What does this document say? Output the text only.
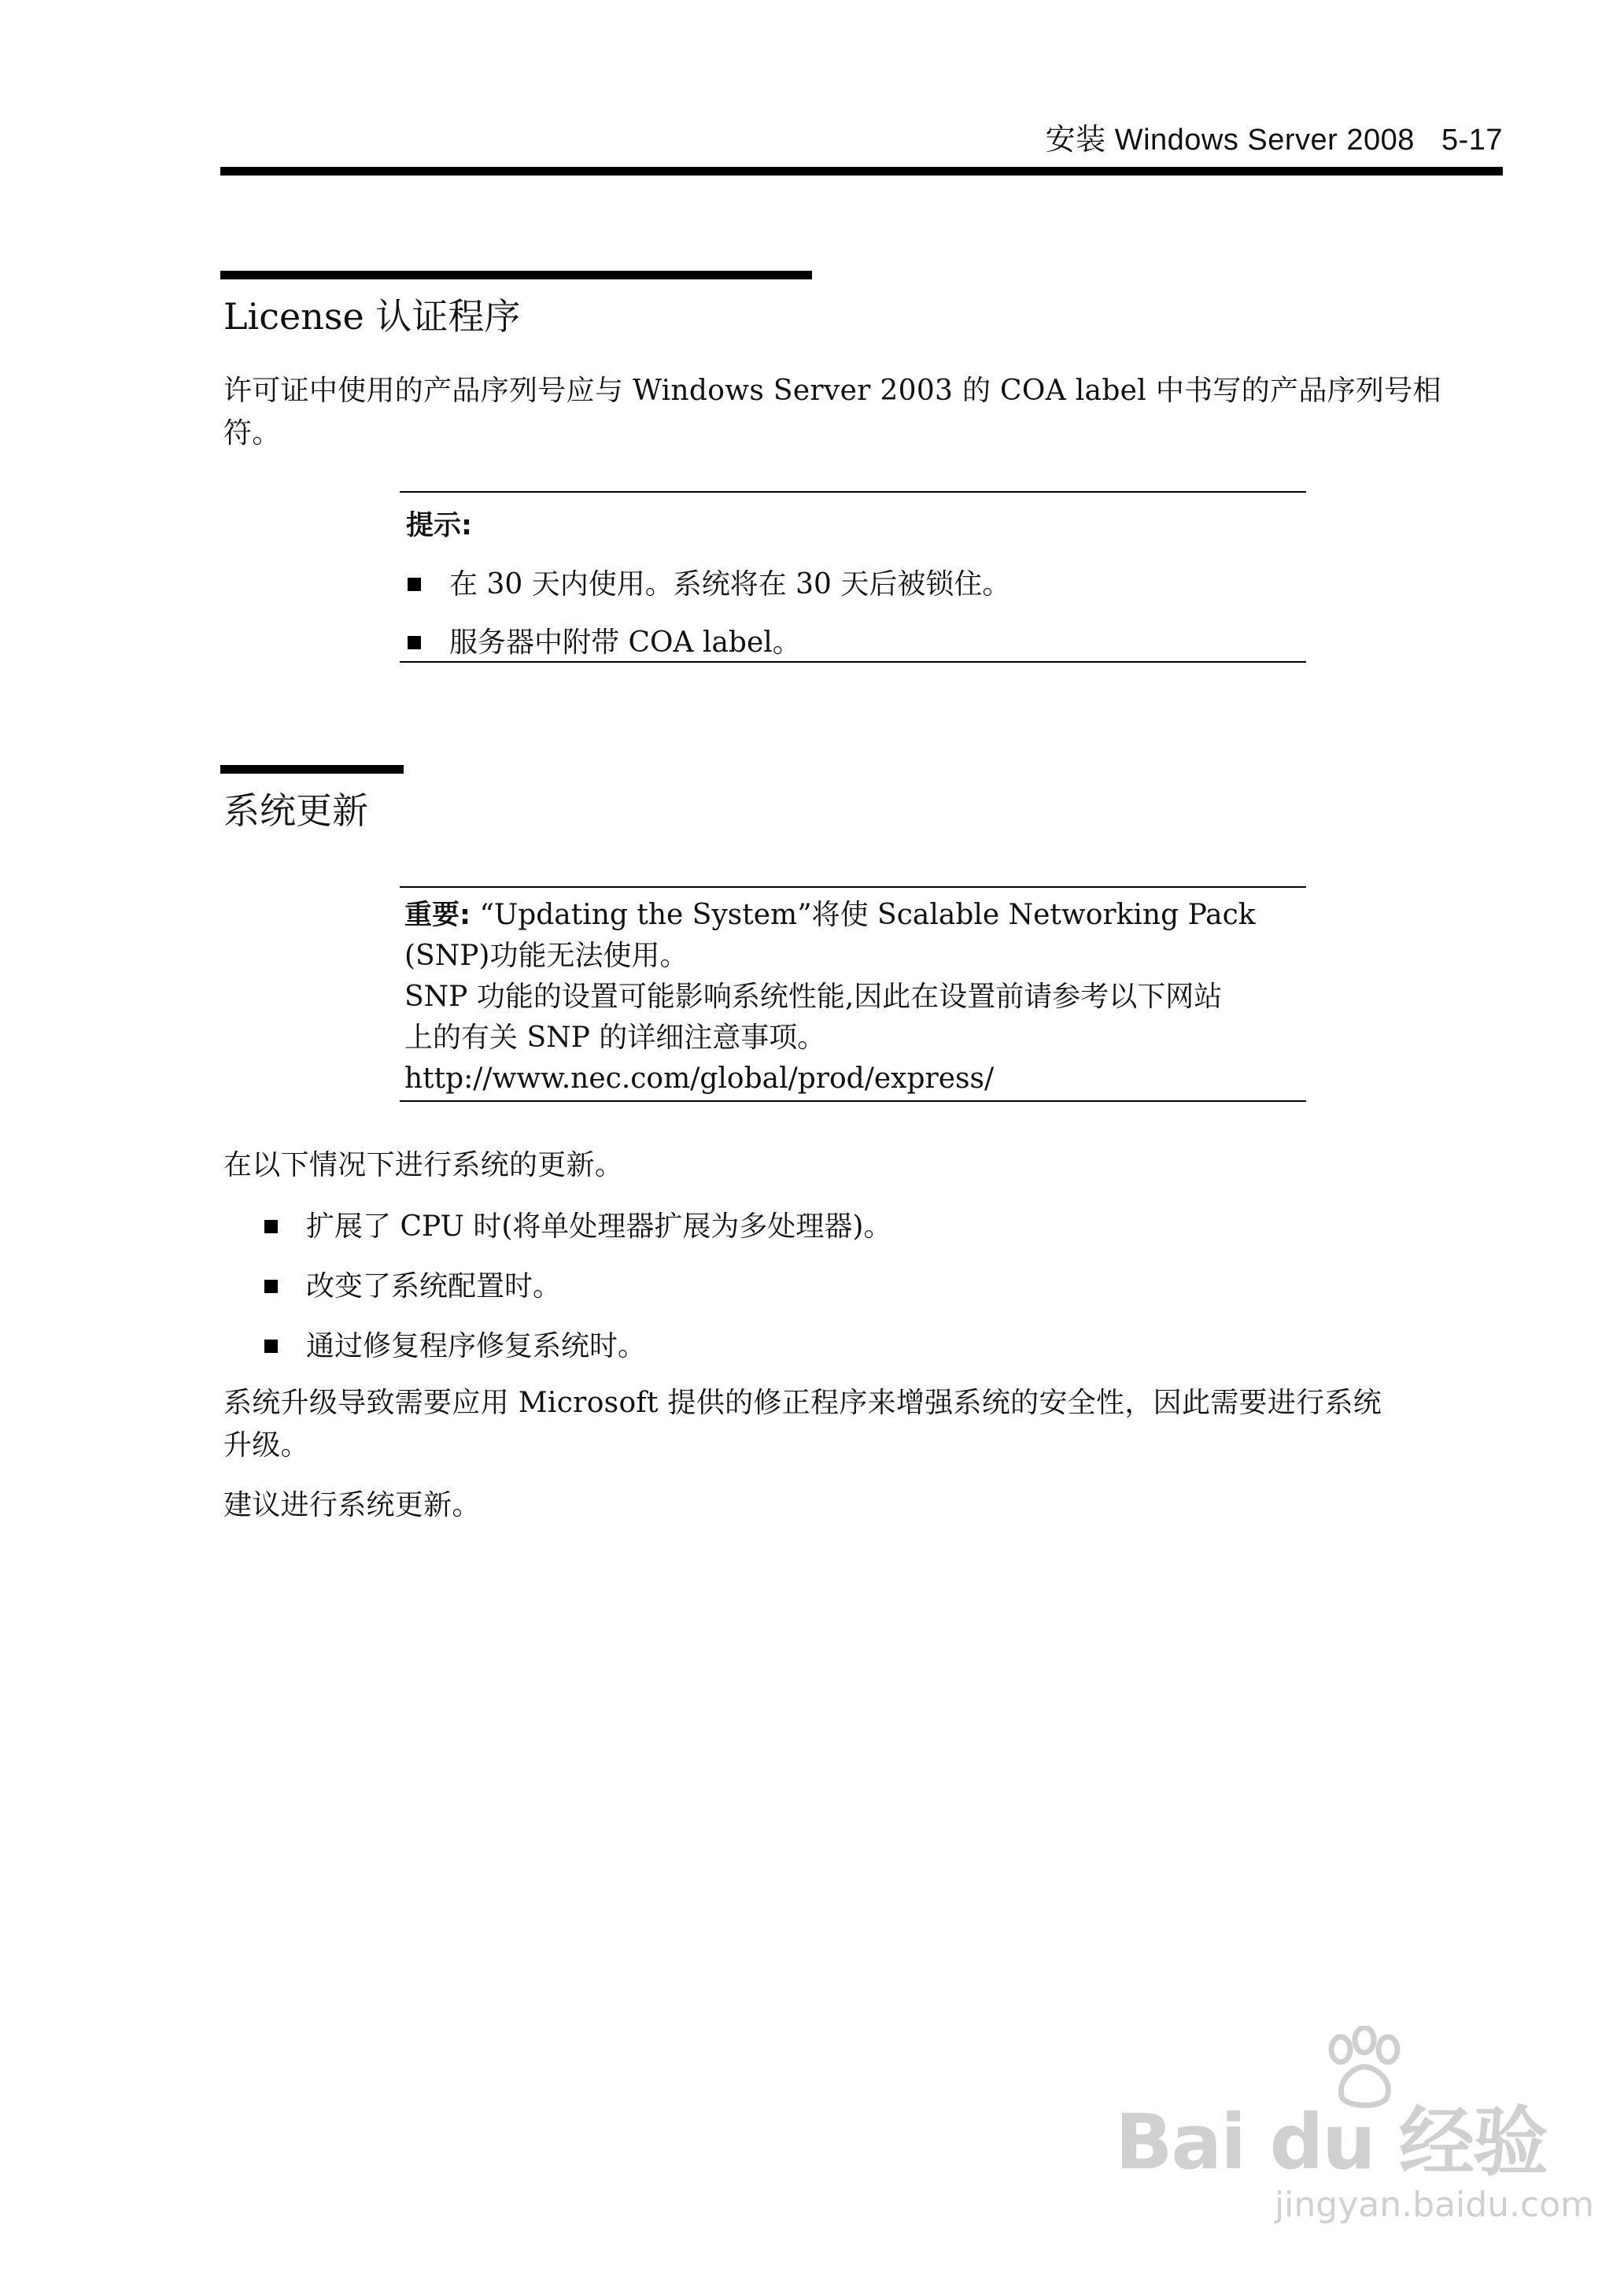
安装 Windows Server 2008 5-17
License 认证程序
许可证中使用的产品序列号应与 Windows Server 2003 的 COA label 中书写的产品序列号相
符。
提示:
在 30 天内使用。系统将在 30 天后被锁住。
服务器中附带 COA label。
系统更新
重要: “Updating the System”将使 Scalable Networking Pack
(SNP)功能无法使用。
SNP 功能的设置可能影响系统性能,因此在设置前请参考以下网站
上的有关 SNP 的详细注意事项。
http://www.nec.com/global/prod/express/
在以下情况下进行系统的更新。
扩展了 CPU 时(将单处理器扩展为多处理器)。
改变了系统配置时。
通过修复程序修复系统时。
系统升级导致需要应用 Microsoft 提供的修正程序来增强系统的安全性，因此需要进行系统
升级。
建议进行系统更新。
Bai du 经验
jingyan.baidu.com
